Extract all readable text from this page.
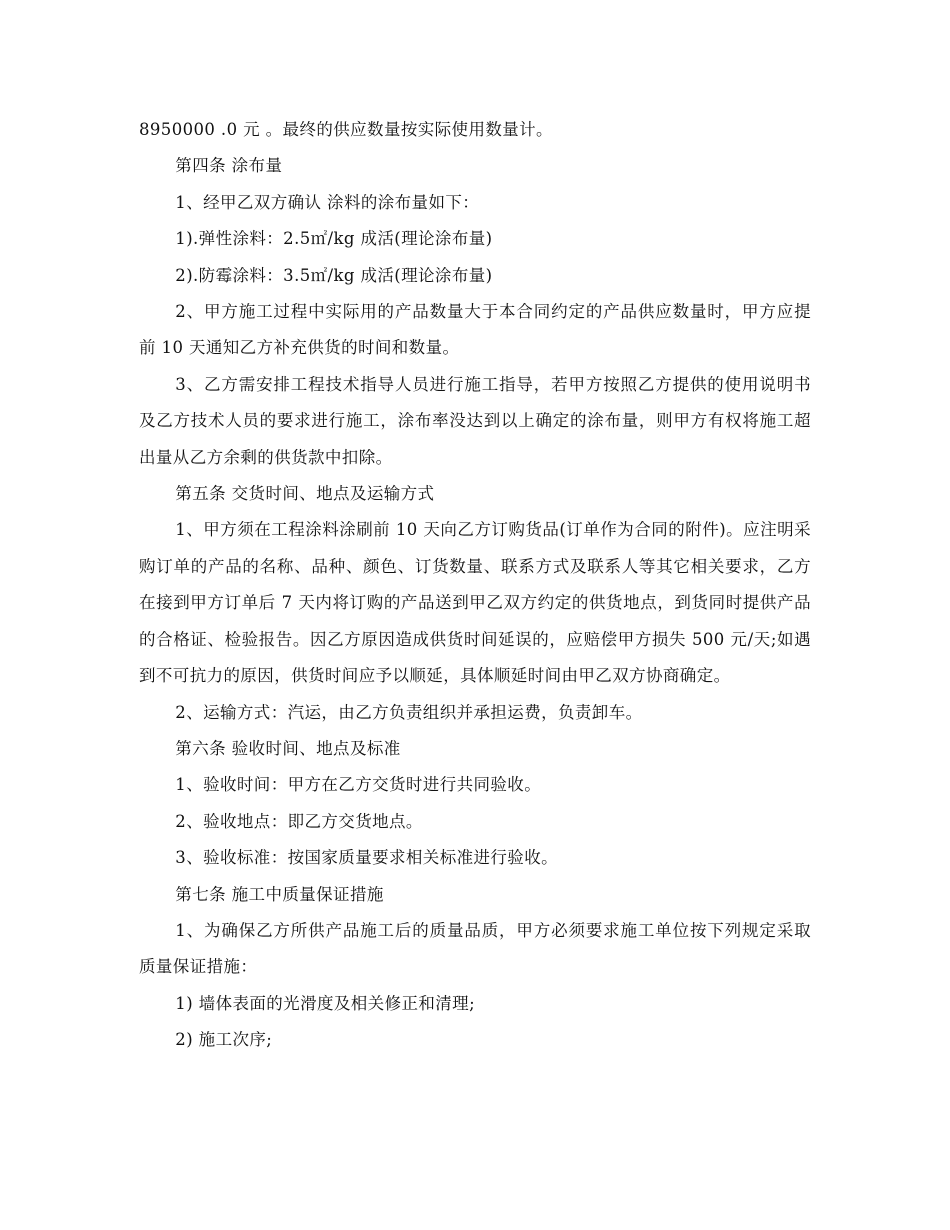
8950000 .0 元 。最终的供应数量按实际使用数量计。

第四条 涂布量

1、经甲乙双方确认 涂料的涂布量如下：

1).弹性涂料：2.5㎡/kg 成活(理论涂布量)

2).防霉涂料：3.5㎡/kg 成活(理论涂布量)

2、甲方施工过程中实际用的产品数量大于本合同约定的产品供应数量时，甲方应提前 10 天通知乙方补充供货的时间和数量。

3、乙方需安排工程技术指导人员进行施工指导，若甲方按照乙方提供的使用说明书及乙方技术人员的要求进行施工，涂布率没达到以上确定的涂布量，则甲方有权将施工超出量从乙方余剩的供货款中扣除。

第五条 交货时间、地点及运输方式

1、甲方须在工程涂料涂刷前 10 天向乙方订购货品(订单作为合同的附件)。应注明采购订单的产品的名称、品种、颜色、订货数量、联系方式及联系人等其它相关要求，乙方在接到甲方订单后 7 天内将订购的产品送到甲乙双方约定的供货地点，到货同时提供产品的合格证、检验报告。因乙方原因造成供货时间延误的，应赔偿甲方损失 500 元/天;如遇到不可抗力的原因，供货时间应予以顺延，具体顺延时间由甲乙双方协商确定。

2、运输方式：汽运，由乙方负责组织并承担运费，负责卸车。

第六条 验收时间、地点及标准

1、验收时间：甲方在乙方交货时进行共同验收。

2、验收地点：即乙方交货地点。

3、验收标准：按国家质量要求相关标准进行验收。

第七条 施工中质量保证措施

1、为确保乙方所供产品施工后的质量品质，甲方必须要求施工单位按下列规定采取质量保证措施：

1) 墙体表面的光滑度及相关修正和清理;

2) 施工次序;
